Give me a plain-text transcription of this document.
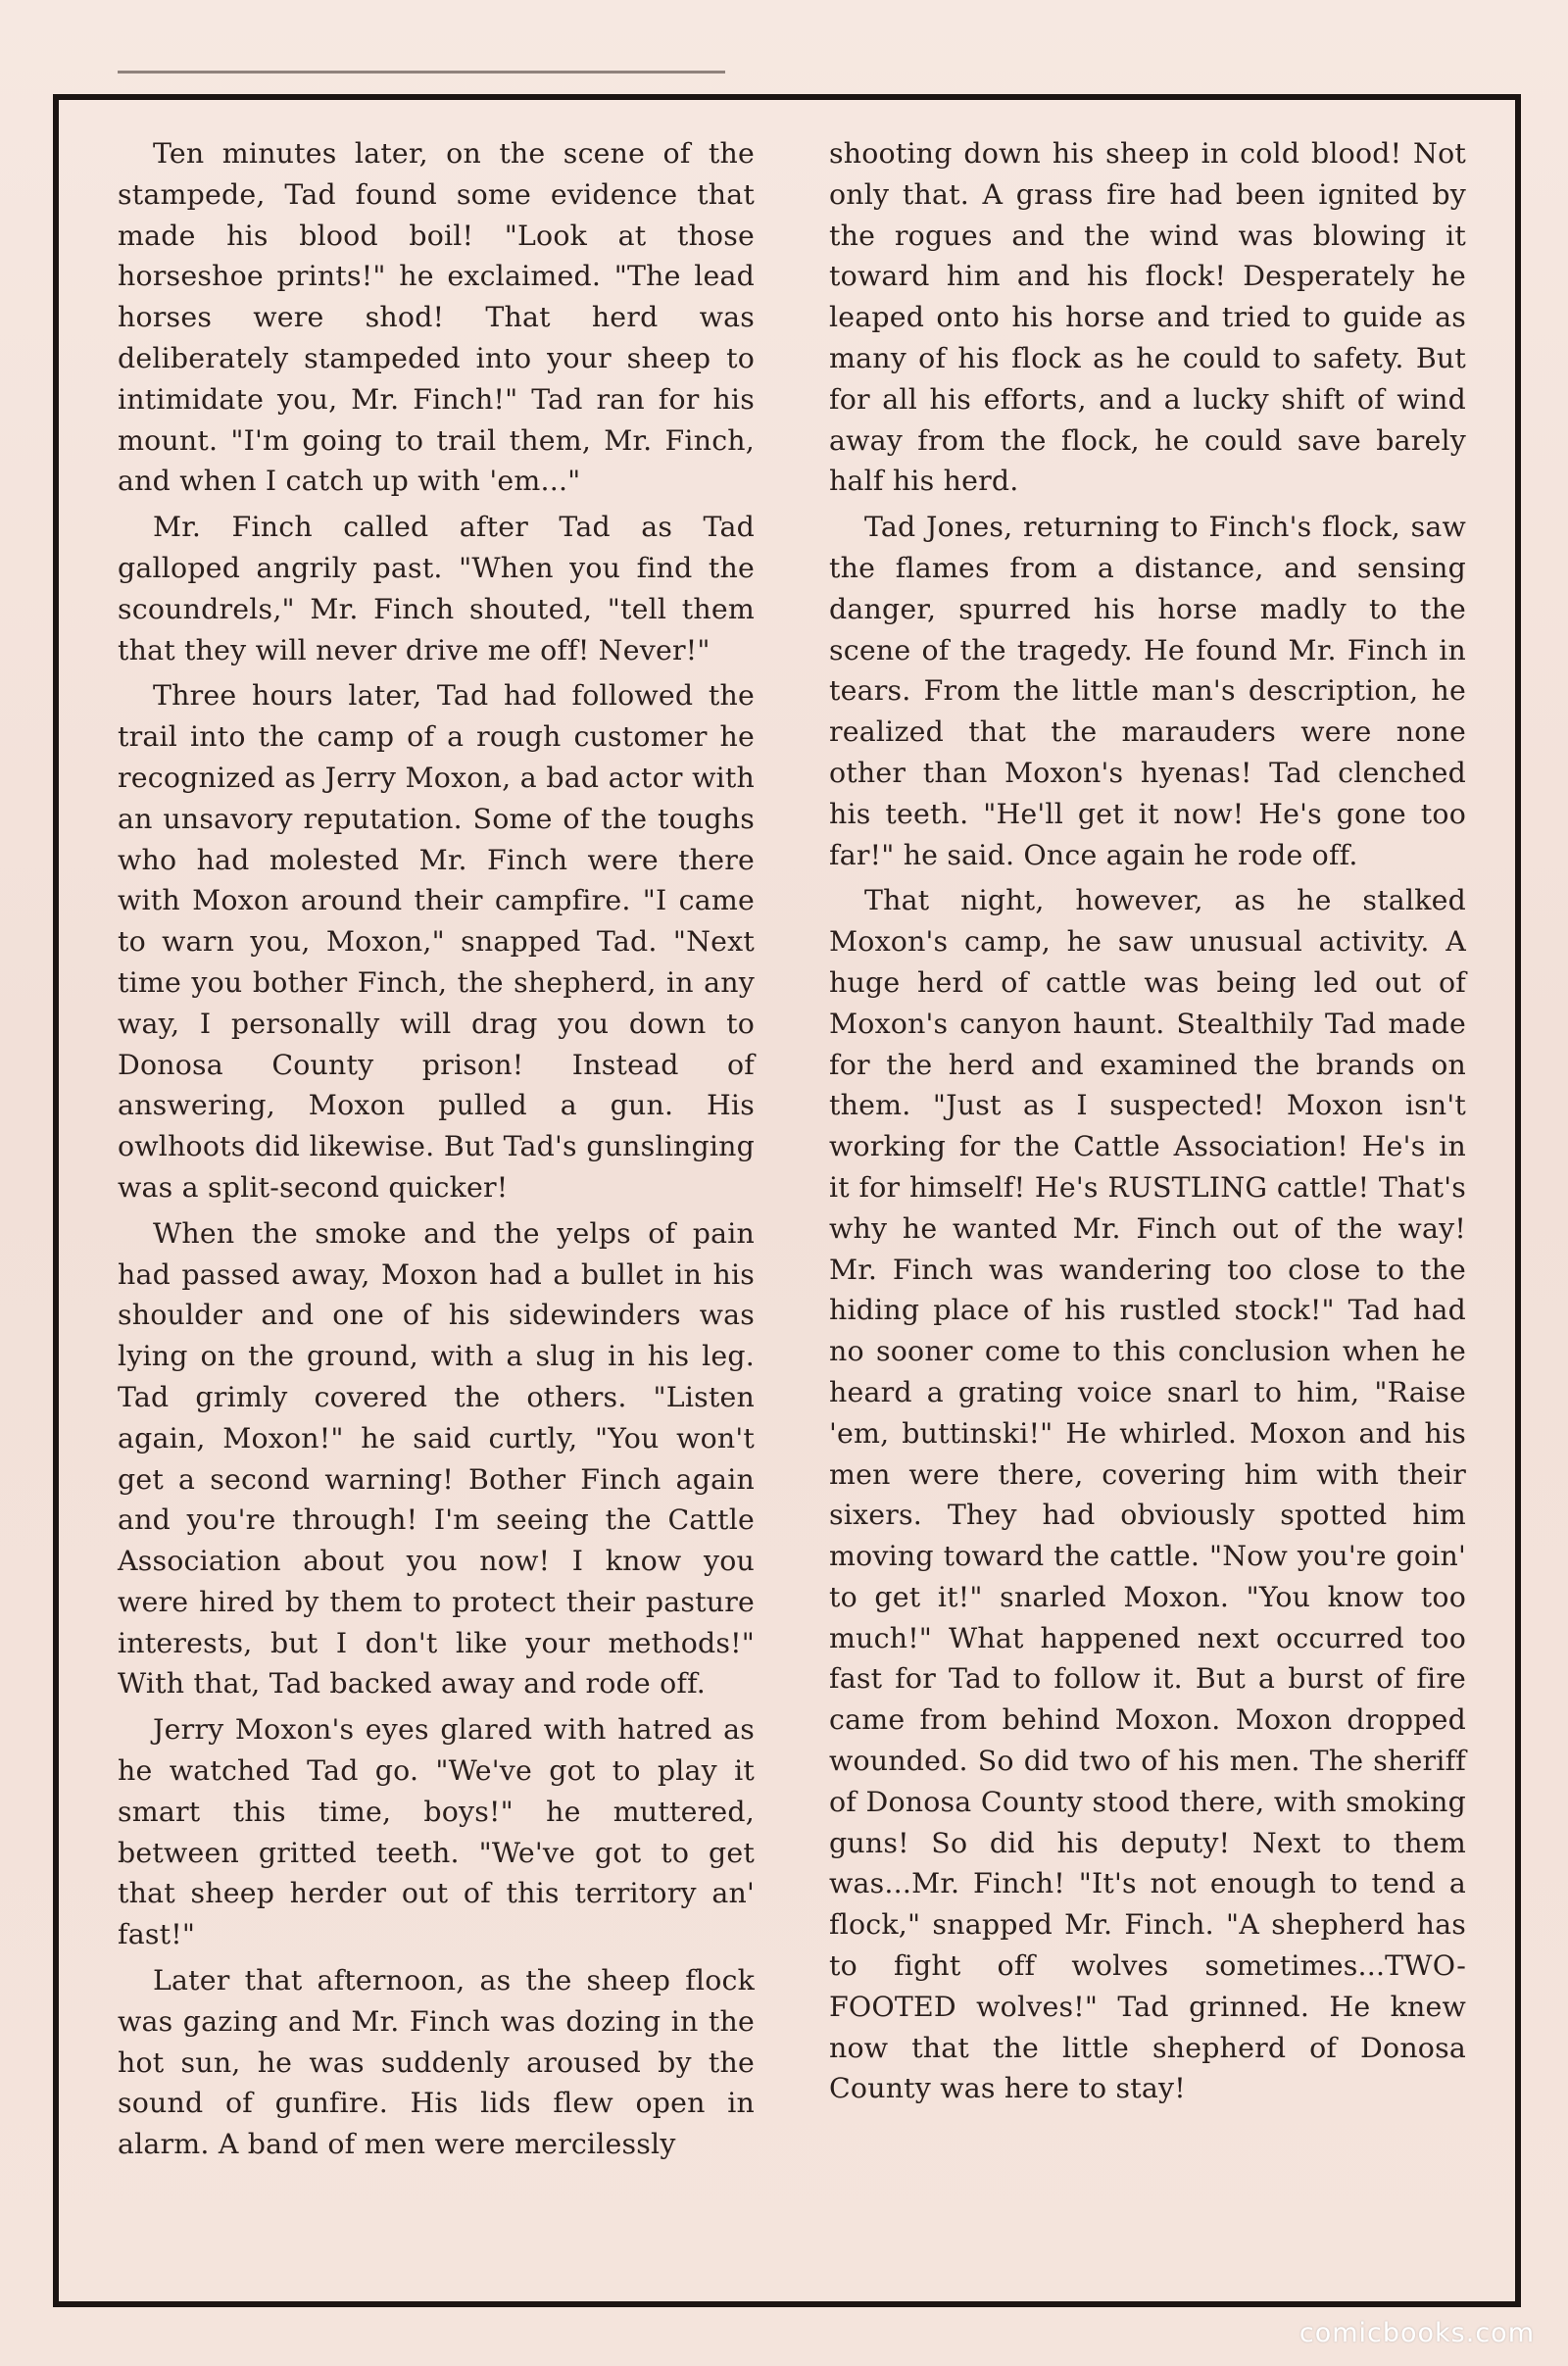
Ten minutes later, on the scene of the stampede, Tad found some evidence that made his blood boil! "Look at those horseshoe prints!" he exclaimed. "The lead horses were shod! That herd was deliberately stampeded into your sheep to intimidate you, Mr. Finch!" Tad ran for his mount. "I'm going to trail them, Mr. Finch, and when I catch up with 'em..."

Mr. Finch called after Tad as Tad galloped angrily past. "When you find the scoundrels," Mr. Finch shouted, "tell them that they will never drive me off! Never!"

Three hours later, Tad had followed the trail into the camp of a rough customer he recognized as Jerry Moxon, a bad actor with an unsavory reputation. Some of the toughs who had molested Mr. Finch were there with Moxon around their campfire. "I came to warn you, Moxon," snapped Tad. "Next time you bother Finch, the shepherd, in any way, I personally will drag you down to Donosa County prison! Instead of answering, Moxon pulled a gun. His owlhoots did likewise. But Tad's gunslinging was a split-second quicker!

When the smoke and the yelps of pain had passed away, Moxon had a bullet in his shoulder and one of his sidewinders was lying on the ground, with a slug in his leg. Tad grimly covered the others. "Listen again, Moxon!" he said curtly, "You won't get a second warning! Bother Finch again and you're through! I'm seeing the Cattle Association about you now! I know you were hired by them to protect their pasture interests, but I don't like your methods!" With that, Tad backed away and rode off.

Jerry Moxon's eyes glared with hatred as he watched Tad go. "We've got to play it smart this time, boys!" he muttered, between gritted teeth. "We've got to get that sheep herder out of this territory an' fast!"

Later that afternoon, as the sheep flock was gazing and Mr. Finch was dozing in the hot sun, he was suddenly aroused by the sound of gunfire. His lids flew open in alarm. A band of men were mercilessly

shooting down his sheep in cold blood! Not only that. A grass fire had been ignited by the rogues and the wind was blowing it toward him and his flock! Desperately he leaped onto his horse and tried to guide as many of his flock as he could to safety. But for all his efforts, and a lucky shift of wind away from the flock, he could save barely half his herd.

Tad Jones, returning to Finch's flock, saw the flames from a distance, and sensing danger, spurred his horse madly to the scene of the tragedy. He found Mr. Finch in tears. From the little man's description, he realized that the marauders were none other than Moxon's hyenas! Tad clenched his teeth. "He'll get it now! He's gone too far!" he said. Once again he rode off.

That night, however, as he stalked Moxon's camp, he saw unusual activity. A huge herd of cattle was being led out of Moxon's canyon haunt. Stealthily Tad made for the herd and examined the brands on them. "Just as I suspected! Moxon isn't working for the Cattle Association! He's in it for himself! He's RUSTLING cattle! That's why he wanted Mr. Finch out of the way! Mr. Finch was wandering too close to the hiding place of his rustled stock!" Tad had no sooner come to this conclusion when he heard a grating voice snarl to him, "Raise 'em, buttinski!" He whirled. Moxon and his men were there, covering him with their sixers. They had obviously spotted him moving toward the cattle. "Now you're goin' to get it!" snarled Moxon. "You know too much!" What happened next occurred too fast for Tad to follow it. But a burst of fire came from behind Moxon. Moxon dropped wounded. So did two of his men. The sheriff of Donosa County stood there, with smoking guns! So did his deputy! Next to them was...Mr. Finch! "It's not enough to tend a flock," snapped Mr. Finch. "A shepherd has to fight off wolves sometimes...TWO-FOOTED wolves!" Tad grinned. He knew now that the little shepherd of Donosa County was here to stay!

comicbooks.com
